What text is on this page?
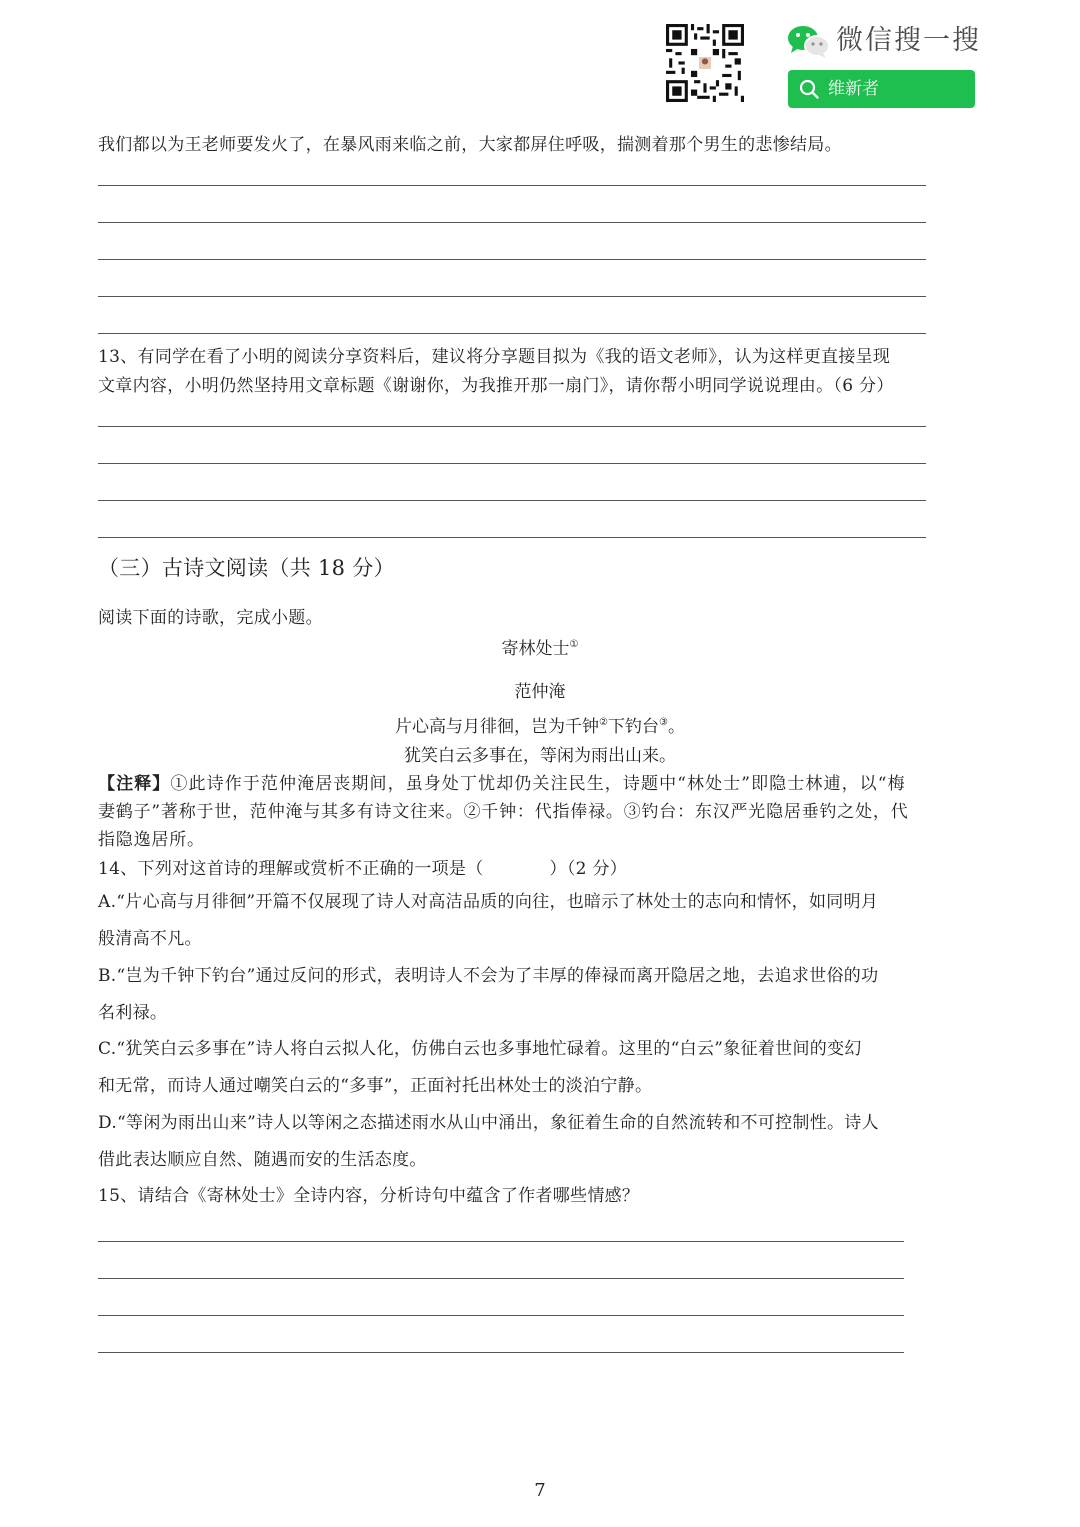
微信搜一搜
维新者
我们都以为王老师要发火了，在暴风雨来临之前，大家都屏住呼吸，揣测着那个男生的悲惨结局。
13、有同学在看了小明的阅读分享资料后，建议将分享题目拟为《我的语文老师》，认为这样更直接呈现
文章内容，小明仍然坚持用文章标题《谢谢你，为我推开那一扇门》，请你帮小明同学说说理由。（6 分）
（三）古诗文阅读（共 18 分）
阅读下面的诗歌，完成小题。
寄林处士①
范仲淹
片心高与月徘徊，岂为千钟②下钓台③。
犹笑白云多事在，等闲为雨出山来。
【注释】①此诗作于范仲淹居丧期间，虽身处丁忧却仍关注民生，诗题中“林处士”即隐士林逋，以“梅
妻鹤子”著称于世，范仲淹与其多有诗文往来。②千钟：代指俸禄。③钓台：东汉严光隐居垂钓之处，代
指隐逸居所。
14、下列对这首诗的理解或赏析不正确的一项是（	）（2 分）
A.“片心高与月徘徊”开篇不仅展现了诗人对高洁品质的向往，也暗示了林处士的志向和情怀，如同明月
般清高不凡。
B.“岂为千钟下钓台”通过反问的形式，表明诗人不会为了丰厚的俸禄而离开隐居之地，去追求世俗的功
名利禄。
C.“犹笑白云多事在”诗人将白云拟人化，仿佛白云也多事地忙碌着。这里的“白云”象征着世间的变幻
和无常，而诗人通过嘲笑白云的“多事”，正面衬托出林处士的淡泊宁静。
D.“等闲为雨出山来”诗人以等闲之态描述雨水从山中涌出，象征着生命的自然流转和不可控制性。诗人
借此表达顺应自然、随遇而安的生活态度。
15、请结合《寄林处士》全诗内容，分析诗句中蕴含了作者哪些情感？
7
